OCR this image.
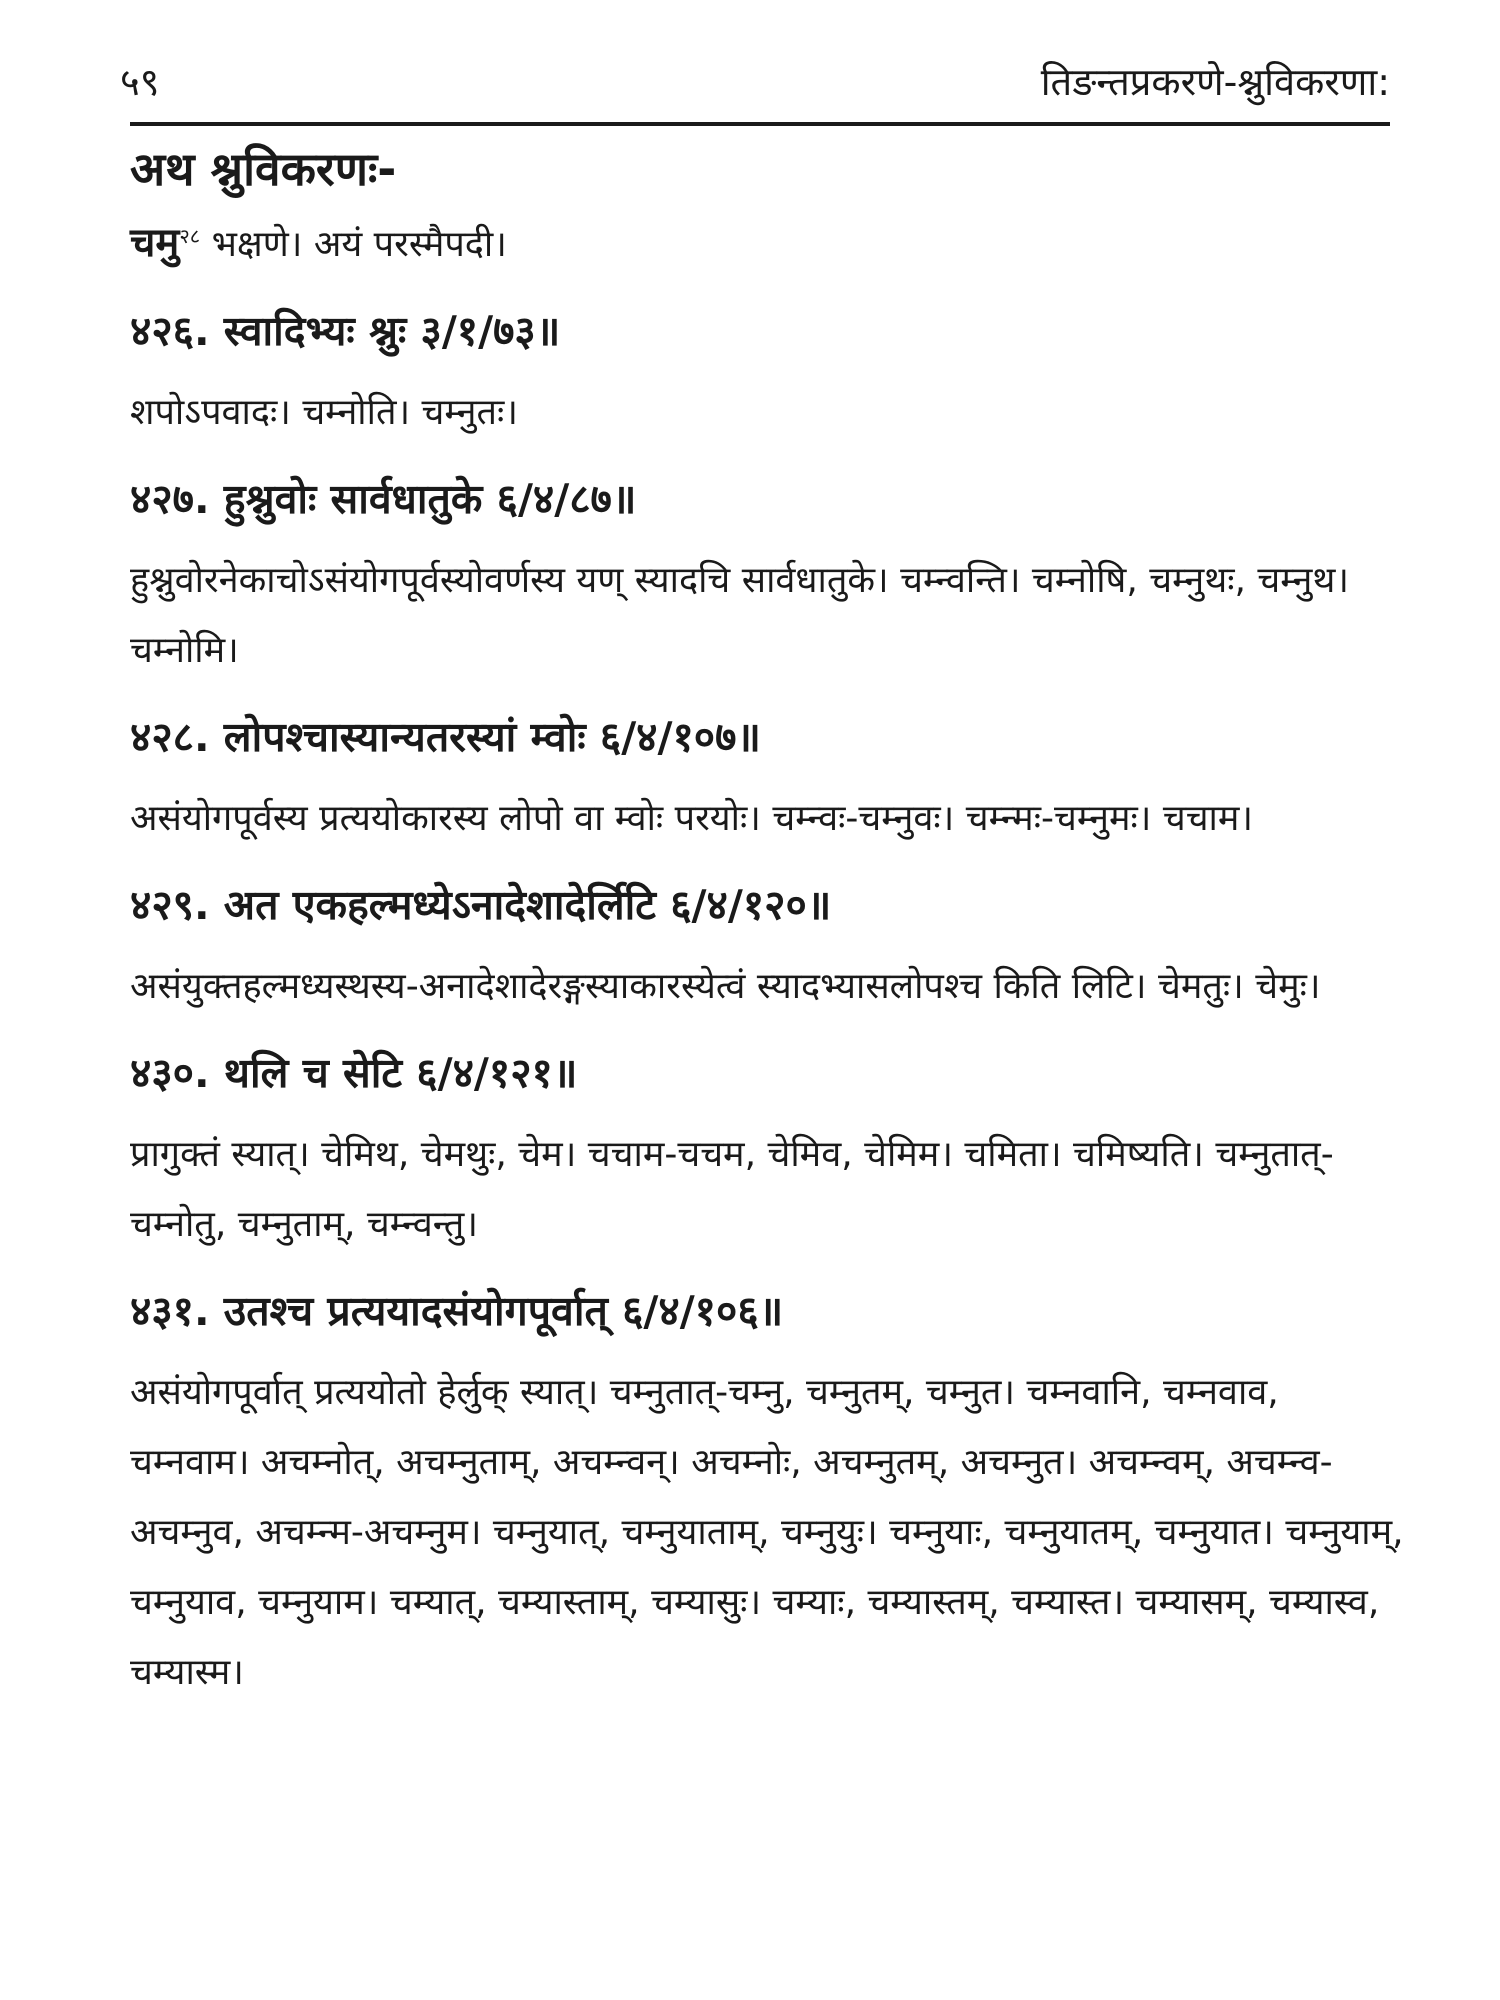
५९	तिङन्तप्रकरणे-श्नुविकरणा:
अथ श्नुविकरणः-
चमु$^{२८}$ भक्षणे। अयं परस्मैपदी।
४२६. स्वादिभ्यः श्नुः ३/१/७३॥
शपोऽपवादः। चम्नोति। चम्नुतः।
४२७. हुश्नुवोः सार्वधातुके ६/४/८७॥
हुश्नुवोरनेकाचोऽसंयोगपूर्वस्योवर्णस्य यण् स्यादचि सार्वधातुके। चम्न्वन्ति। चम्नोषि, चम्नुथः, चम्नुथ। चम्नोमि।
४२८. लोपश्चास्यान्यतरस्यां म्वोः ६/४/१०७॥
असंयोगपूर्वस्य प्रत्ययोकारस्य लोपो वा म्वोः परयोः। चम्न्वः-चम्नुवः। चम्न्मः-चम्नुमः। चचाम।
४२९. अत एकहल्मध्येऽनादेशादेर्लिटि ६/४/१२०॥
असंयुक्तहल्मध्यस्थस्य-अनादेशादेरङ्गस्याकारस्येत्वं स्यादभ्यासलोपश्च किति लिटि। चेमतुः। चेमुः।
४३०. थलि च सेटि ६/४/१२१॥
प्रागुक्तं स्यात्। चेमिथ, चेमथुः, चेम। चचाम-चचम, चेमिव, चेमिम। चमिता। चमिष्यति। चम्नुतात्-चम्नोतु, चम्नुताम्, चम्न्वन्तु।
४३१. उतश्च प्रत्ययादसंयोगपूर्वात् ६/४/१०६॥
असंयोगपूर्वात् प्रत्ययोतो हेर्लुक् स्यात्। चम्नुतात्-चम्नु, चम्नुतम्, चम्नुत। चम्नवानि, चम्नवाव, चम्नवाम। अचम्नोत्, अचम्नुताम्, अचम्न्वन्। अचम्नोः, अचम्नुतम्, अचम्नुत। अचम्न्वम्, अचम्न्व-अचम्नुव, अचम्न्म-अचम्नुम। चम्नुयात्, चम्नुयाताम्, चम्नुयुः। चम्नुयाः, चम्नुयातम्, चम्नुयात। चम्नुयाम्, चम्नुयाव, चम्नुयाम। चम्यात्, चम्यास्ताम्, चम्यासुः। चम्याः, चम्यास्तम्, चम्यास्त। चम्यासम्, चम्यास्व, चम्यास्म।
